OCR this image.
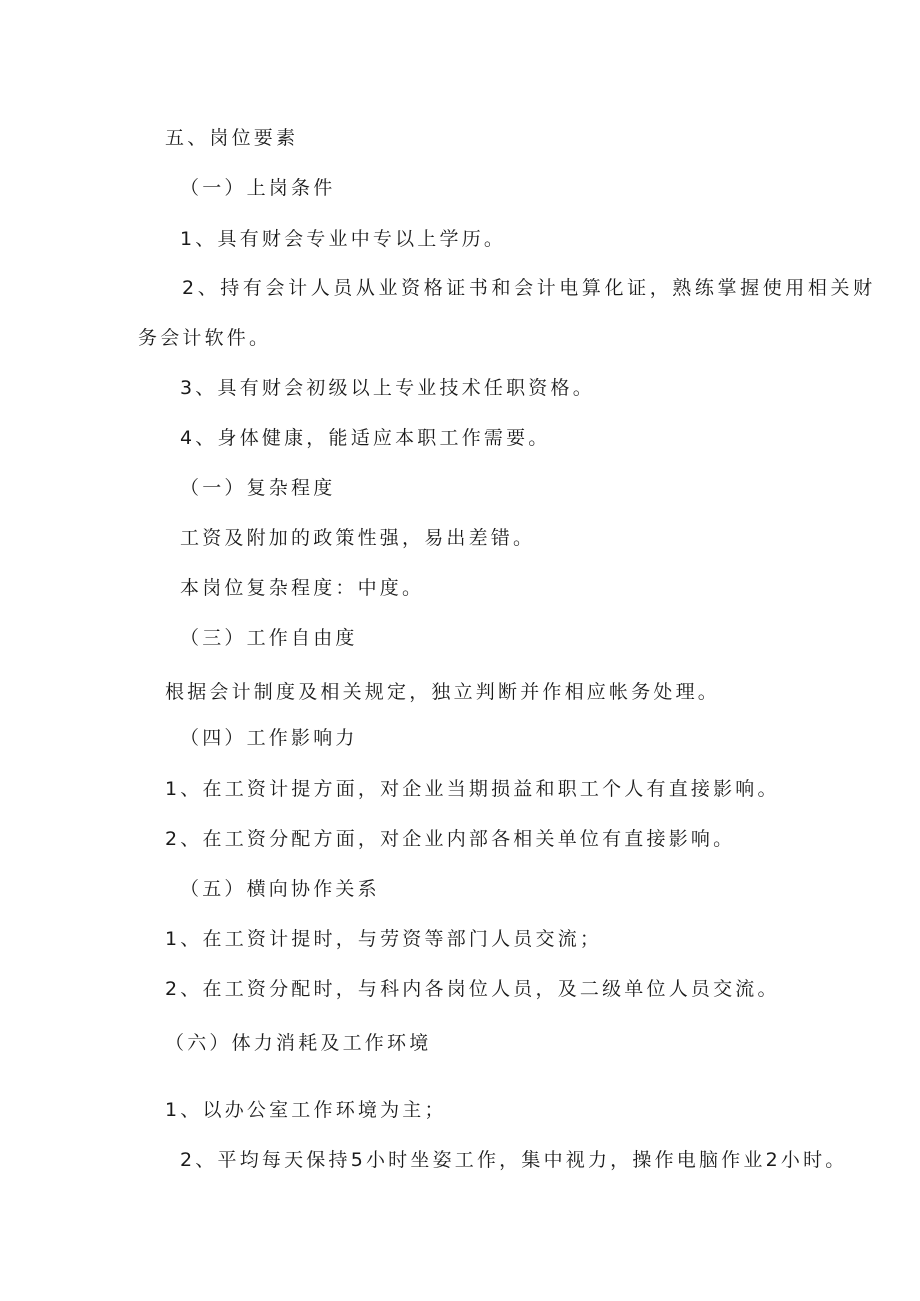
五、岗位要素
（一）上岗条件
1、具有财会专业中专以上学历。
2、持有会计人员从业资格证书和会计电算化证，熟练掌握使用相关财
务会计软件。
3、具有财会初级以上专业技术任职资格。
4、身体健康，能适应本职工作需要。
（一）复杂程度
工资及附加的政策性强，易出差错。
本岗位复杂程度：中度。
（三）工作自由度
根据会计制度及相关规定，独立判断并作相应帐务处理。
（四）工作影响力
1、在工资计提方面，对企业当期损益和职工个人有直接影响。
2、在工资分配方面，对企业内部各相关单位有直接影响。
（五）横向协作关系
1、在工资计提时，与劳资等部门人员交流；
2、在工资分配时，与科内各岗位人员，及二级单位人员交流。
（六）体力消耗及工作环境
1、以办公室工作环境为主；
2、平均每天保持5小时坐姿工作，集中视力，操作电脑作业2小时。
